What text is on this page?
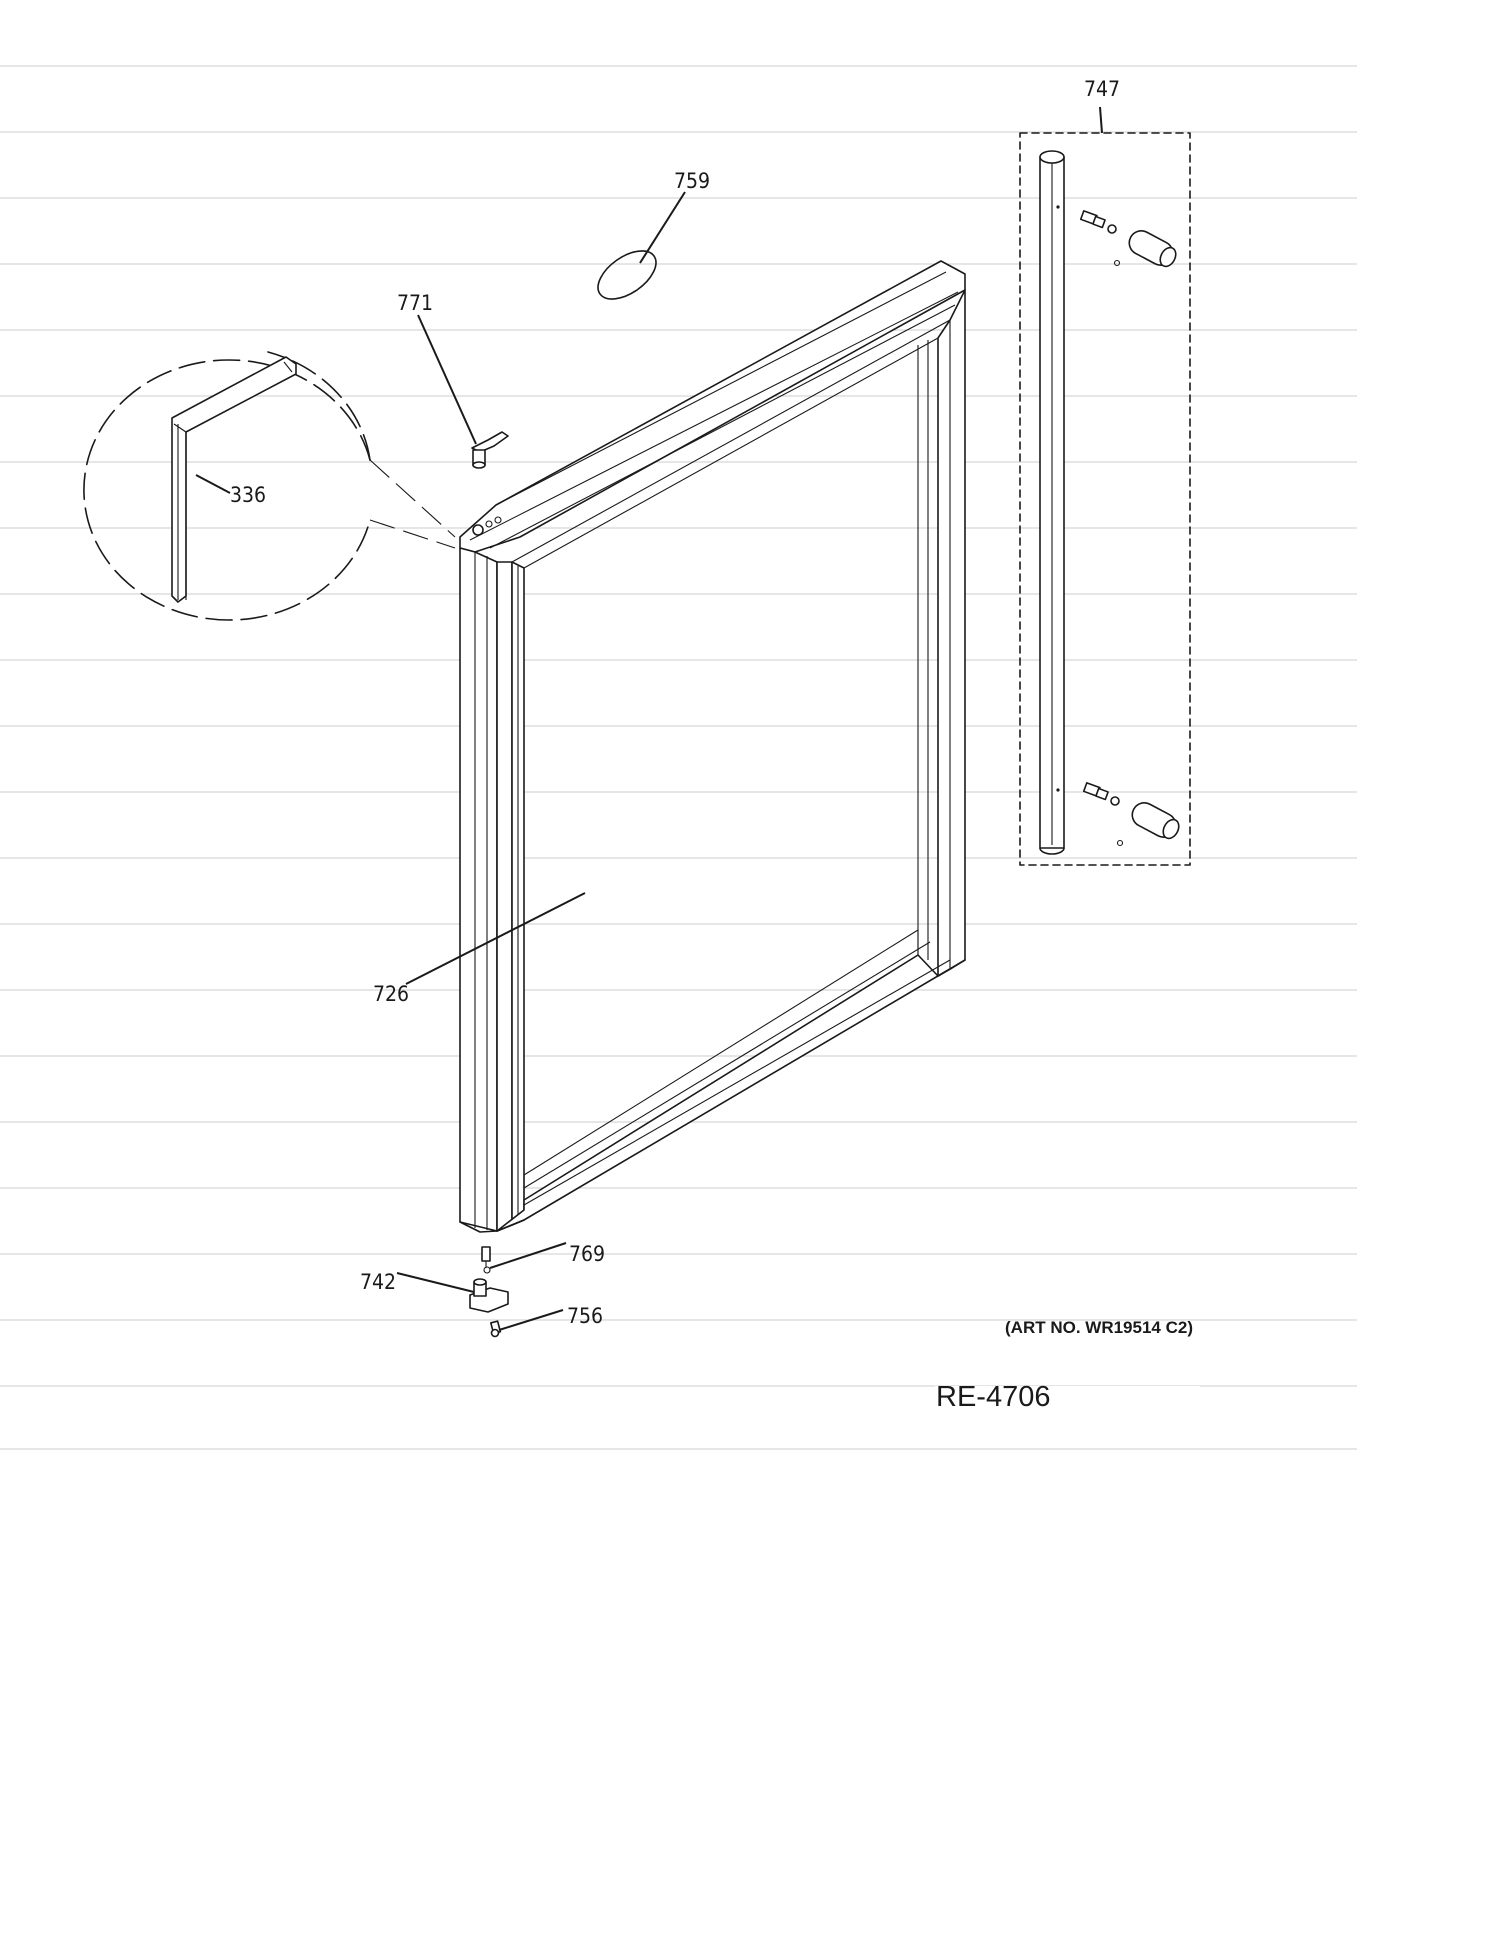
747
759
771
336
726
769
742
756	(ART NO. WR19514 C2)
RE-4706
